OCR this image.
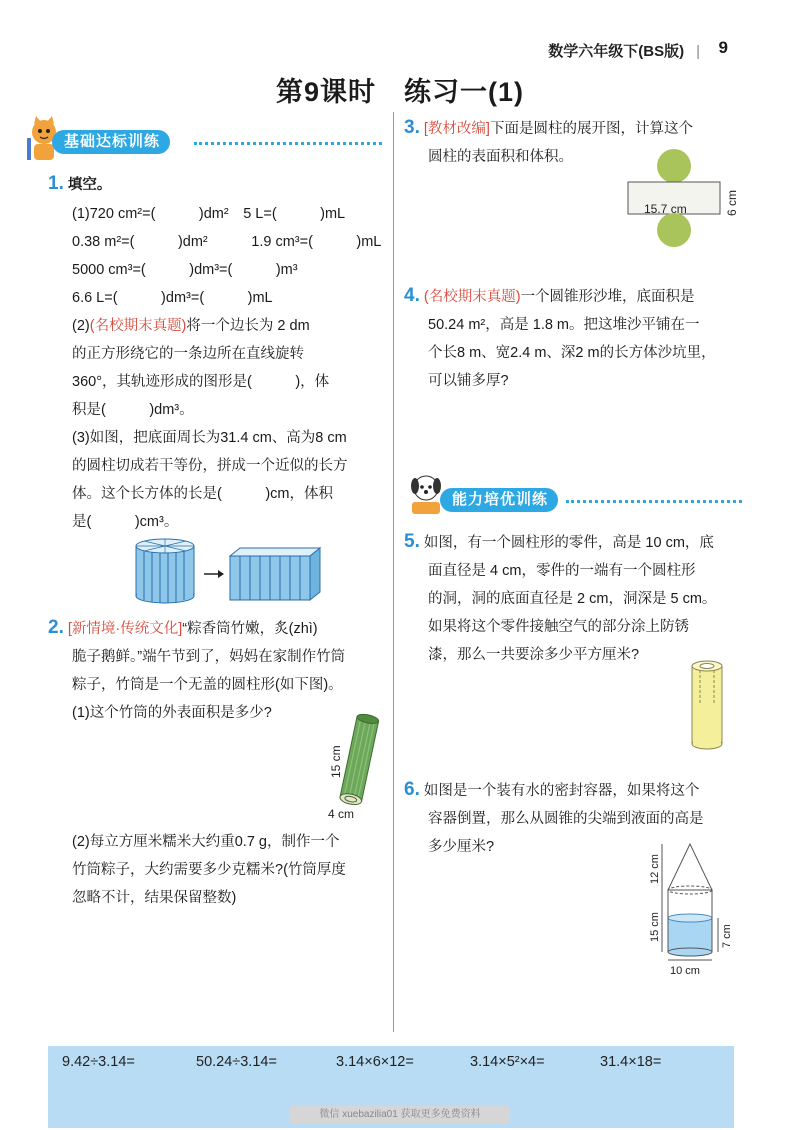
数学六年级下(BS版) |	9
第9课时　练习一(1)
基础达标训练
1. 填空。
(1)720 cm²=(　　　)dm²　5 L=(　　　)mL
0.38 m²=(　　　)dm²　　　1.9 cm³=(　　　)mL
5000 cm³=(　　　)dm³=(　　　)m³
6.6 L=(　　　)dm³=(　　　)mL
(2)(名校期末真题)将一个边长为 2 dm
的正方形绕它的一条边所在直线旋转
360°，其轨迹形成的图形是(　　　)，体
积是(　　　)dm³。
(3)如图，把底面周长为31.4 cm、高为8 cm
的圆柱切成若干等份，拼成一个近似的长方
体。这个长方体的长是(　　　)cm，体积
是(　　　)cm³。
2. [新情境·传统文化]“粽香筒竹嫩，炙(zhì)
脆子鹅鲜。”端午节到了，妈妈在家制作竹筒
粽子，竹筒是一个无盖的圆柱形(如下图)。
(1)这个竹筒的外表面积是多少?
15 cm
4 cm
(2)每立方厘米糯米大约重0.7 g，制作一个
竹筒粽子，大约需要多少克糯米?(竹筒厚度
忽略不计，结果保留整数)
3. [教材改编]下面是圆柱的展开图，计算这个
圆柱的表面积和体积。
15.7 cm	6 cm
4. (名校期末真题)一个圆锥形沙堆，底面积是
50.24 m²，高是 1.8 m。把这堆沙平铺在一
个长8 m、宽2.4 m、深2 m的长方体沙坑里，
可以铺多厚?
能力培优训练
5. 如图，有一个圆柱形的零件，高是 10 cm，底
面直径是 4 cm，零件的一端有一个圆柱形
的洞，洞的底面直径是 2 cm，洞深是 5 cm。
如果将这个零件接触空气的部分涂上防锈
漆，那么一共要涂多少平方厘米?
6. 如图是一个装有水的密封容器，如果将这个
容器倒置，那么从圆锥的尖端到液面的高是
多少厘米?
12 cm
15 cm	7 cm
10 cm
9.42÷3.14=	50.24÷3.14=	3.14×6×12=	3.14×5²×4=	31.4×18=
微信 xuebazilia01 获取更多免费资料
